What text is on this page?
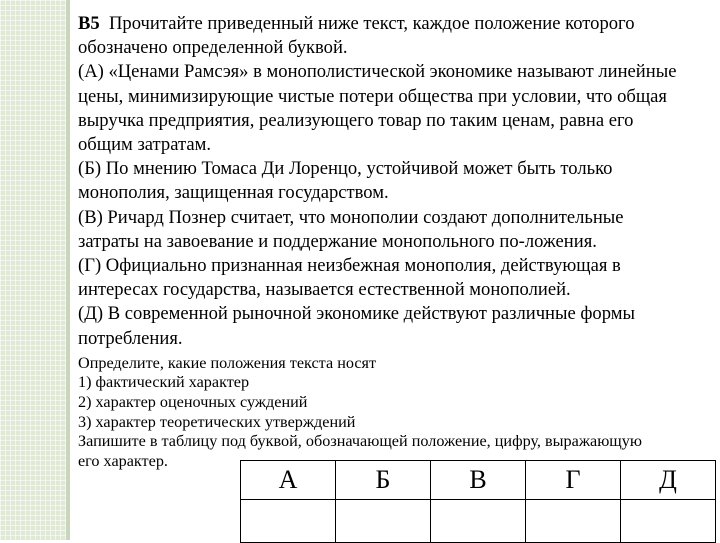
В5 Прочитайте приведенный ниже текст, каждое положение которого
обозначено определенной буквой.
(А) «Ценами Рамсэя» в монополистической экономике называют линейные
цены, минимизирующие чистые потери общества при условии, что общая
выручка предприятия, реализующего товар по таким ценам, равна его
общим затратам.
(Б) По мнению Томаса Ди Лоренцо, устойчивой может быть только
монополия, защищенная государством.
(В) Ричард Познер считает, что монополии создают дополнительные
затраты на завоевание и поддержание монопольного по-ложения.
(Г) Официально признанная неизбежная монополия, действующая в
интересах государства, называется естественной монополией.
(Д) В современной рыночной экономике действуют различные формы
потребления.
Определите, какие положения текста носят
1) фактический характер
2) характер оценочных суждений
3) характер теоретических утверждений
Запишите в таблицу под буквой, обозначающей положение, цифру, выражающую
его характер.
А	Б	В	Г	Д
